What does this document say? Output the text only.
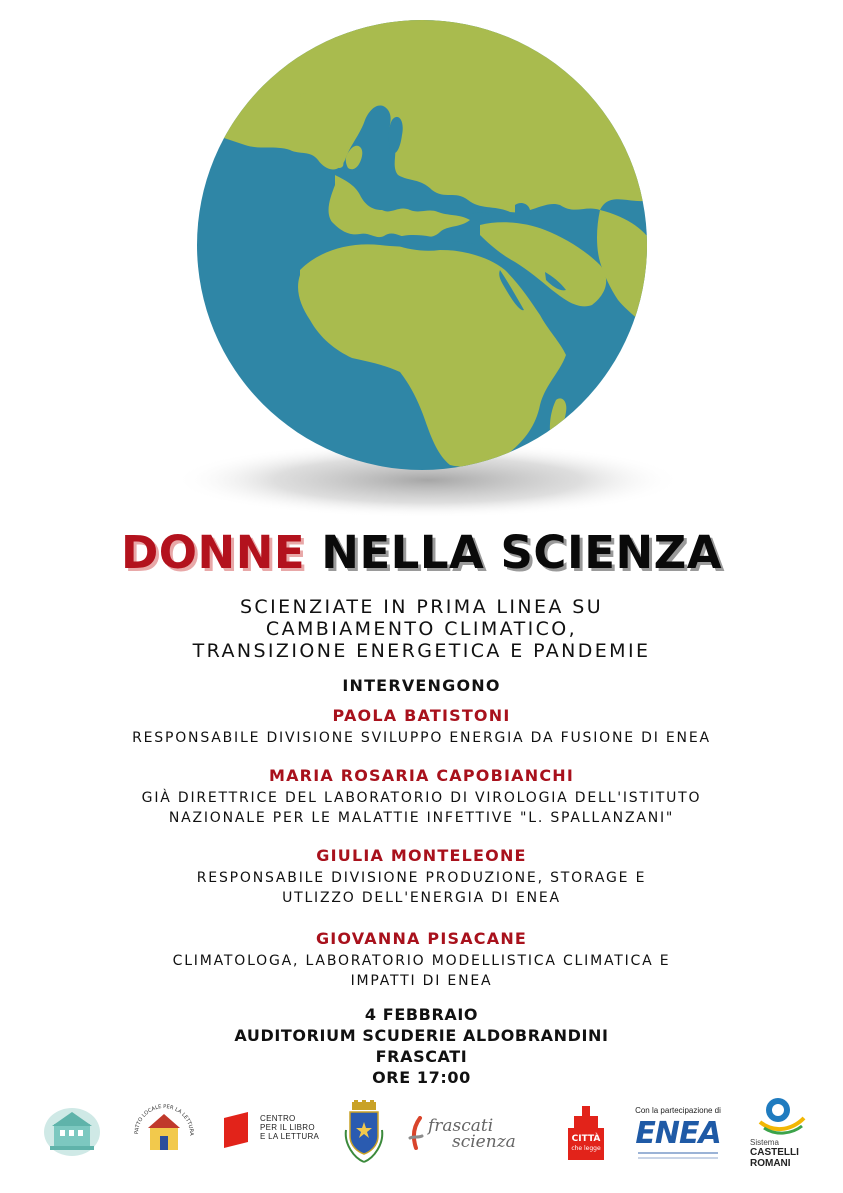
DONNE NELLA SCIENZA
SCIENZIATE IN PRIMA LINEA SU
CAMBIAMENTO CLIMATICO,
TRANSIZIONE ENERGETICA E PANDEMIE
INTERVENGONO
PAOLA BATISTONI
RESPONSABILE DIVISIONE SVILUPPO ENERGIA DA FUSIONE DI ENEA
MARIA ROSARIA CAPOBIANCHI
GIÀ DIRETTRICE DEL LABORATORIO DI VIROLOGIA DELL'ISTITUTO
NAZIONALE PER LE MALATTIE INFETTIVE "L. SPALLANZANI"
GIULIA MONTELEONE
RESPONSABILE DIVISIONE PRODUZIONE, STORAGE E
UTLIZZO DELL'ENERGIA DI ENEA
GIOVANNA PISACANE
CLIMATOLOGA, LABORATORIO MODELLISTICA CLIMATICA E
IMPATTI DI ENEA
4 FEBBRAIO
AUDITORIUM SCUDERIE ALDOBRANDINI
FRASCATI
ORE 17:00
PATTO LOCALE PER LA LETTURA
CENTRO
PER IL LIBRO
E LA LETTURA
frascati
scienza	CITTÀ
che legge
Con la partecipazione di
ENEA	Sistema
CASTELLI
ROMANI
